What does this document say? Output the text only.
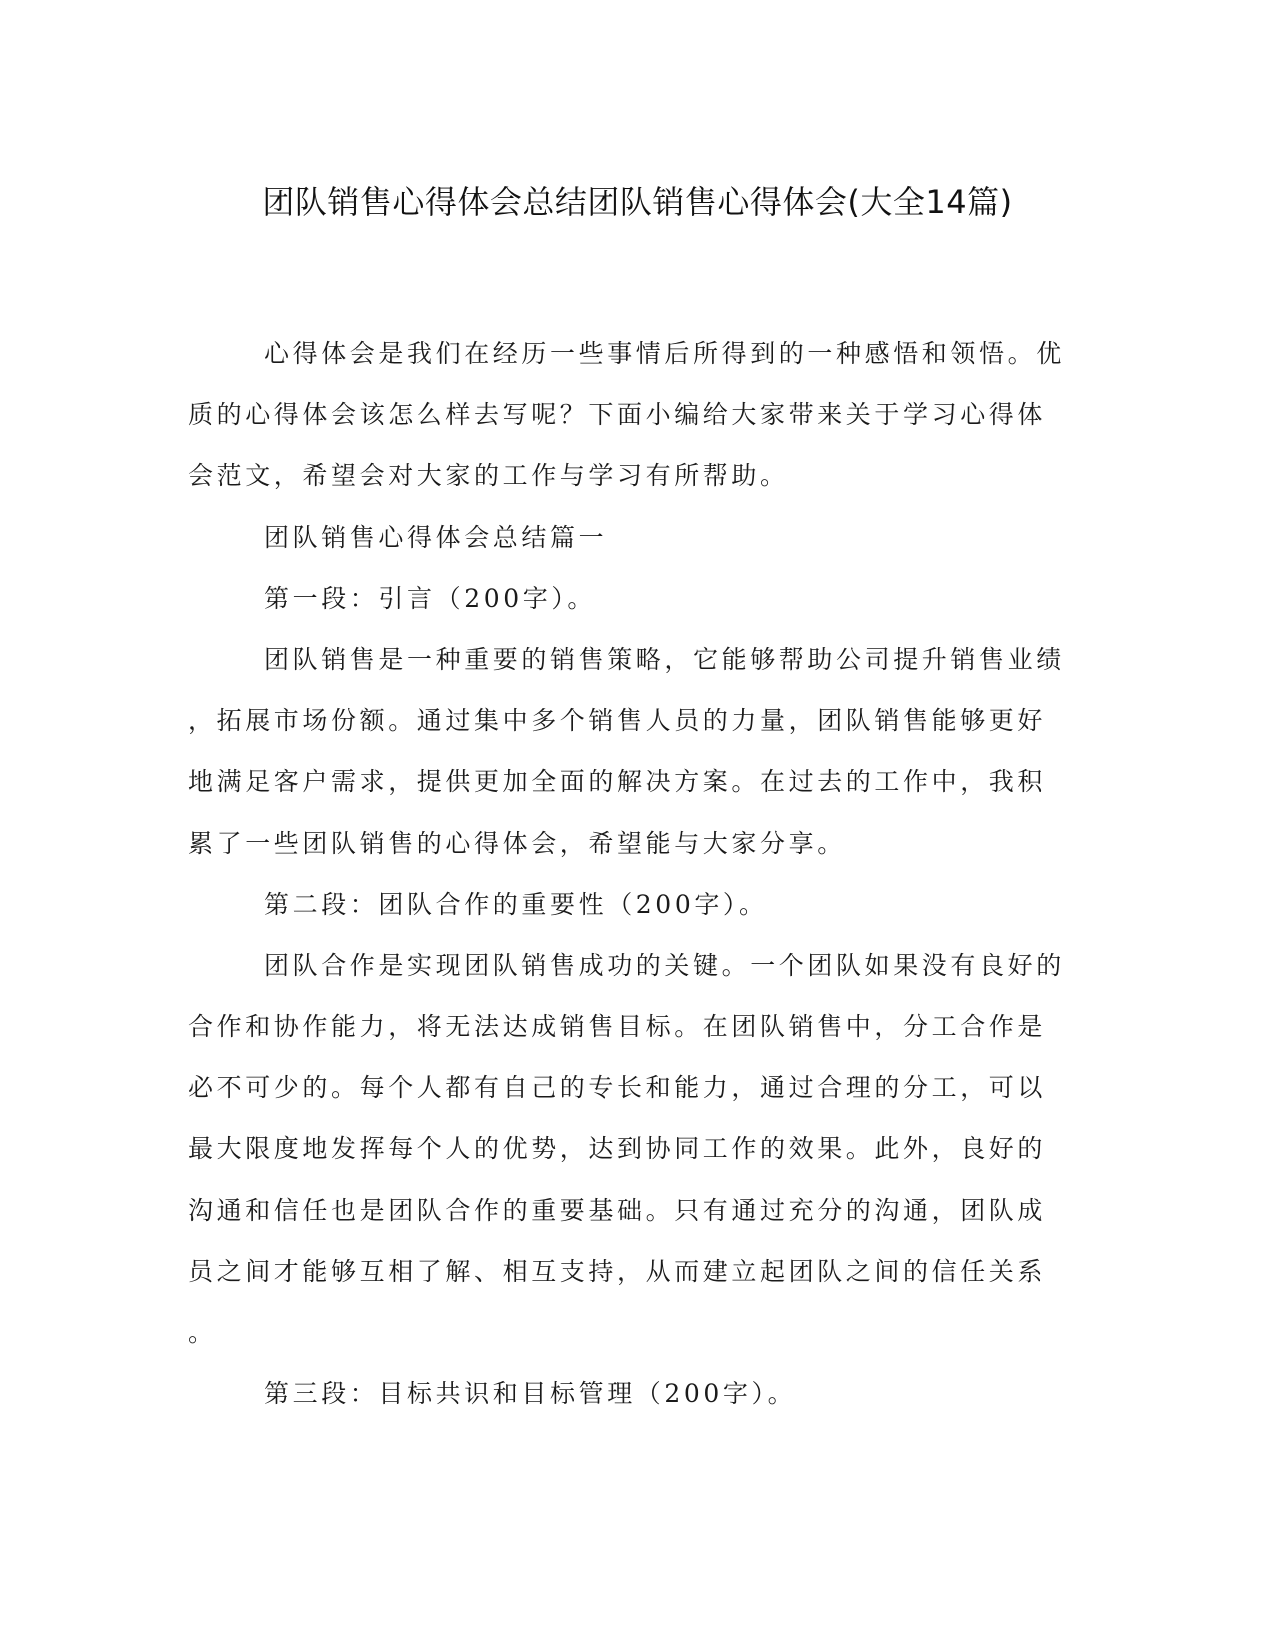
团队销售心得体会总结团队销售心得体会(大全14篇)
心得体会是我们在经历一些事情后所得到的一种感悟和领悟。优
质的心得体会该怎么样去写呢？下面小编给大家带来关于学习心得体
会范文，希望会对大家的工作与学习有所帮助。
团队销售心得体会总结篇一
第一段：引言（200字）。
团队销售是一种重要的销售策略，它能够帮助公司提升销售业绩
，拓展市场份额。通过集中多个销售人员的力量，团队销售能够更好
地满足客户需求，提供更加全面的解决方案。在过去的工作中，我积
累了一些团队销售的心得体会，希望能与大家分享。
第二段：团队合作的重要性（200字）。
团队合作是实现团队销售成功的关键。一个团队如果没有良好的
合作和协作能力，将无法达成销售目标。在团队销售中，分工合作是
必不可少的。每个人都有自己的专长和能力，通过合理的分工，可以
最大限度地发挥每个人的优势，达到协同工作的效果。此外，良好的
沟通和信任也是团队合作的重要基础。只有通过充分的沟通，团队成
员之间才能够互相了解、相互支持，从而建立起团队之间的信任关系
。
第三段：目标共识和目标管理（200字）。
